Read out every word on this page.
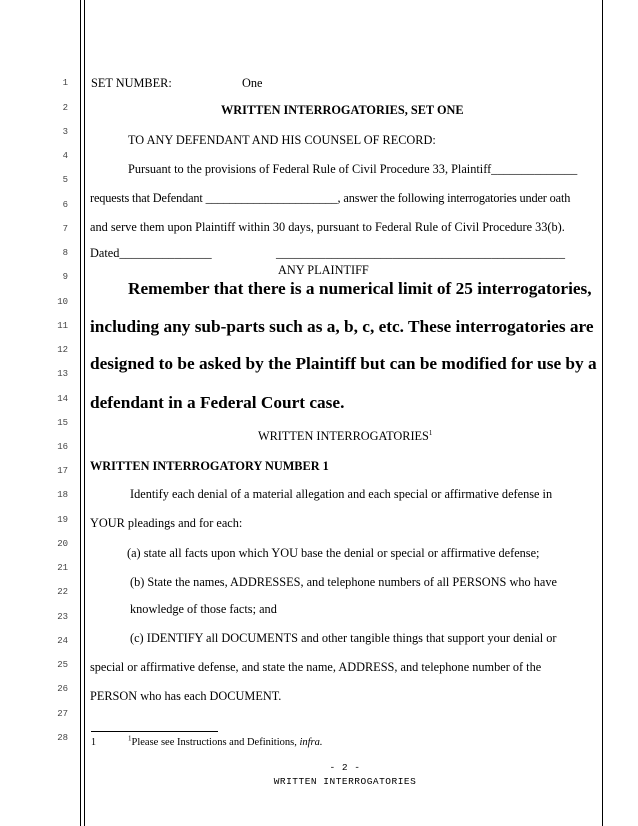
1
2
3
4
5
6
7
8
9
10
11
12
13
14
15
16
17
18
19
20
21
22
23
24
25
26
27
28
SET NUMBER:	One
WRITTEN INTERROGATORIES, SET ONE
TO ANY DEFENDANT AND HIS COUNSEL OF RECORD:
Pursuant to the provisions of Federal Rule of Civil Procedure 33, Plaintiff______________
requests that Defendant ______________________, answer the following interrogatories under oath
and serve them upon Plaintiff within 30 days, pursuant to Federal Rule of Civil Procedure 33(b).
Dated_______________	_______________________________________________
ANY PLAINTIFF
Remember that there is a numerical limit of 25 interrogatories,
including any sub-parts such as a, b, c, etc. These interrogatories are
designed to be asked by the Plaintiff but can be modified for use by a
defendant in a Federal Court case.
WRITTEN INTERROGATORIES$^1$
WRITTEN INTERROGATORY NUMBER 1
Identify each denial of a material allegation and each special or affirmative defense in
YOUR pleadings and for each:
(a) state all facts upon which YOU base the denial or special or affirmative defense;
(b) State the names, ADDRESSES, and telephone numbers of all PERSONS who have
knowledge of those facts; and
(c) IDENTIFY all DOCUMENTS and other tangible things that support your denial or
special or affirmative defense, and state the name, ADDRESS, and telephone number of the
PERSON who has each DOCUMENT.
1	$^1$Please see Instructions and Definitions, infra.
- 2 -
WRITTEN INTERROGATORIES
